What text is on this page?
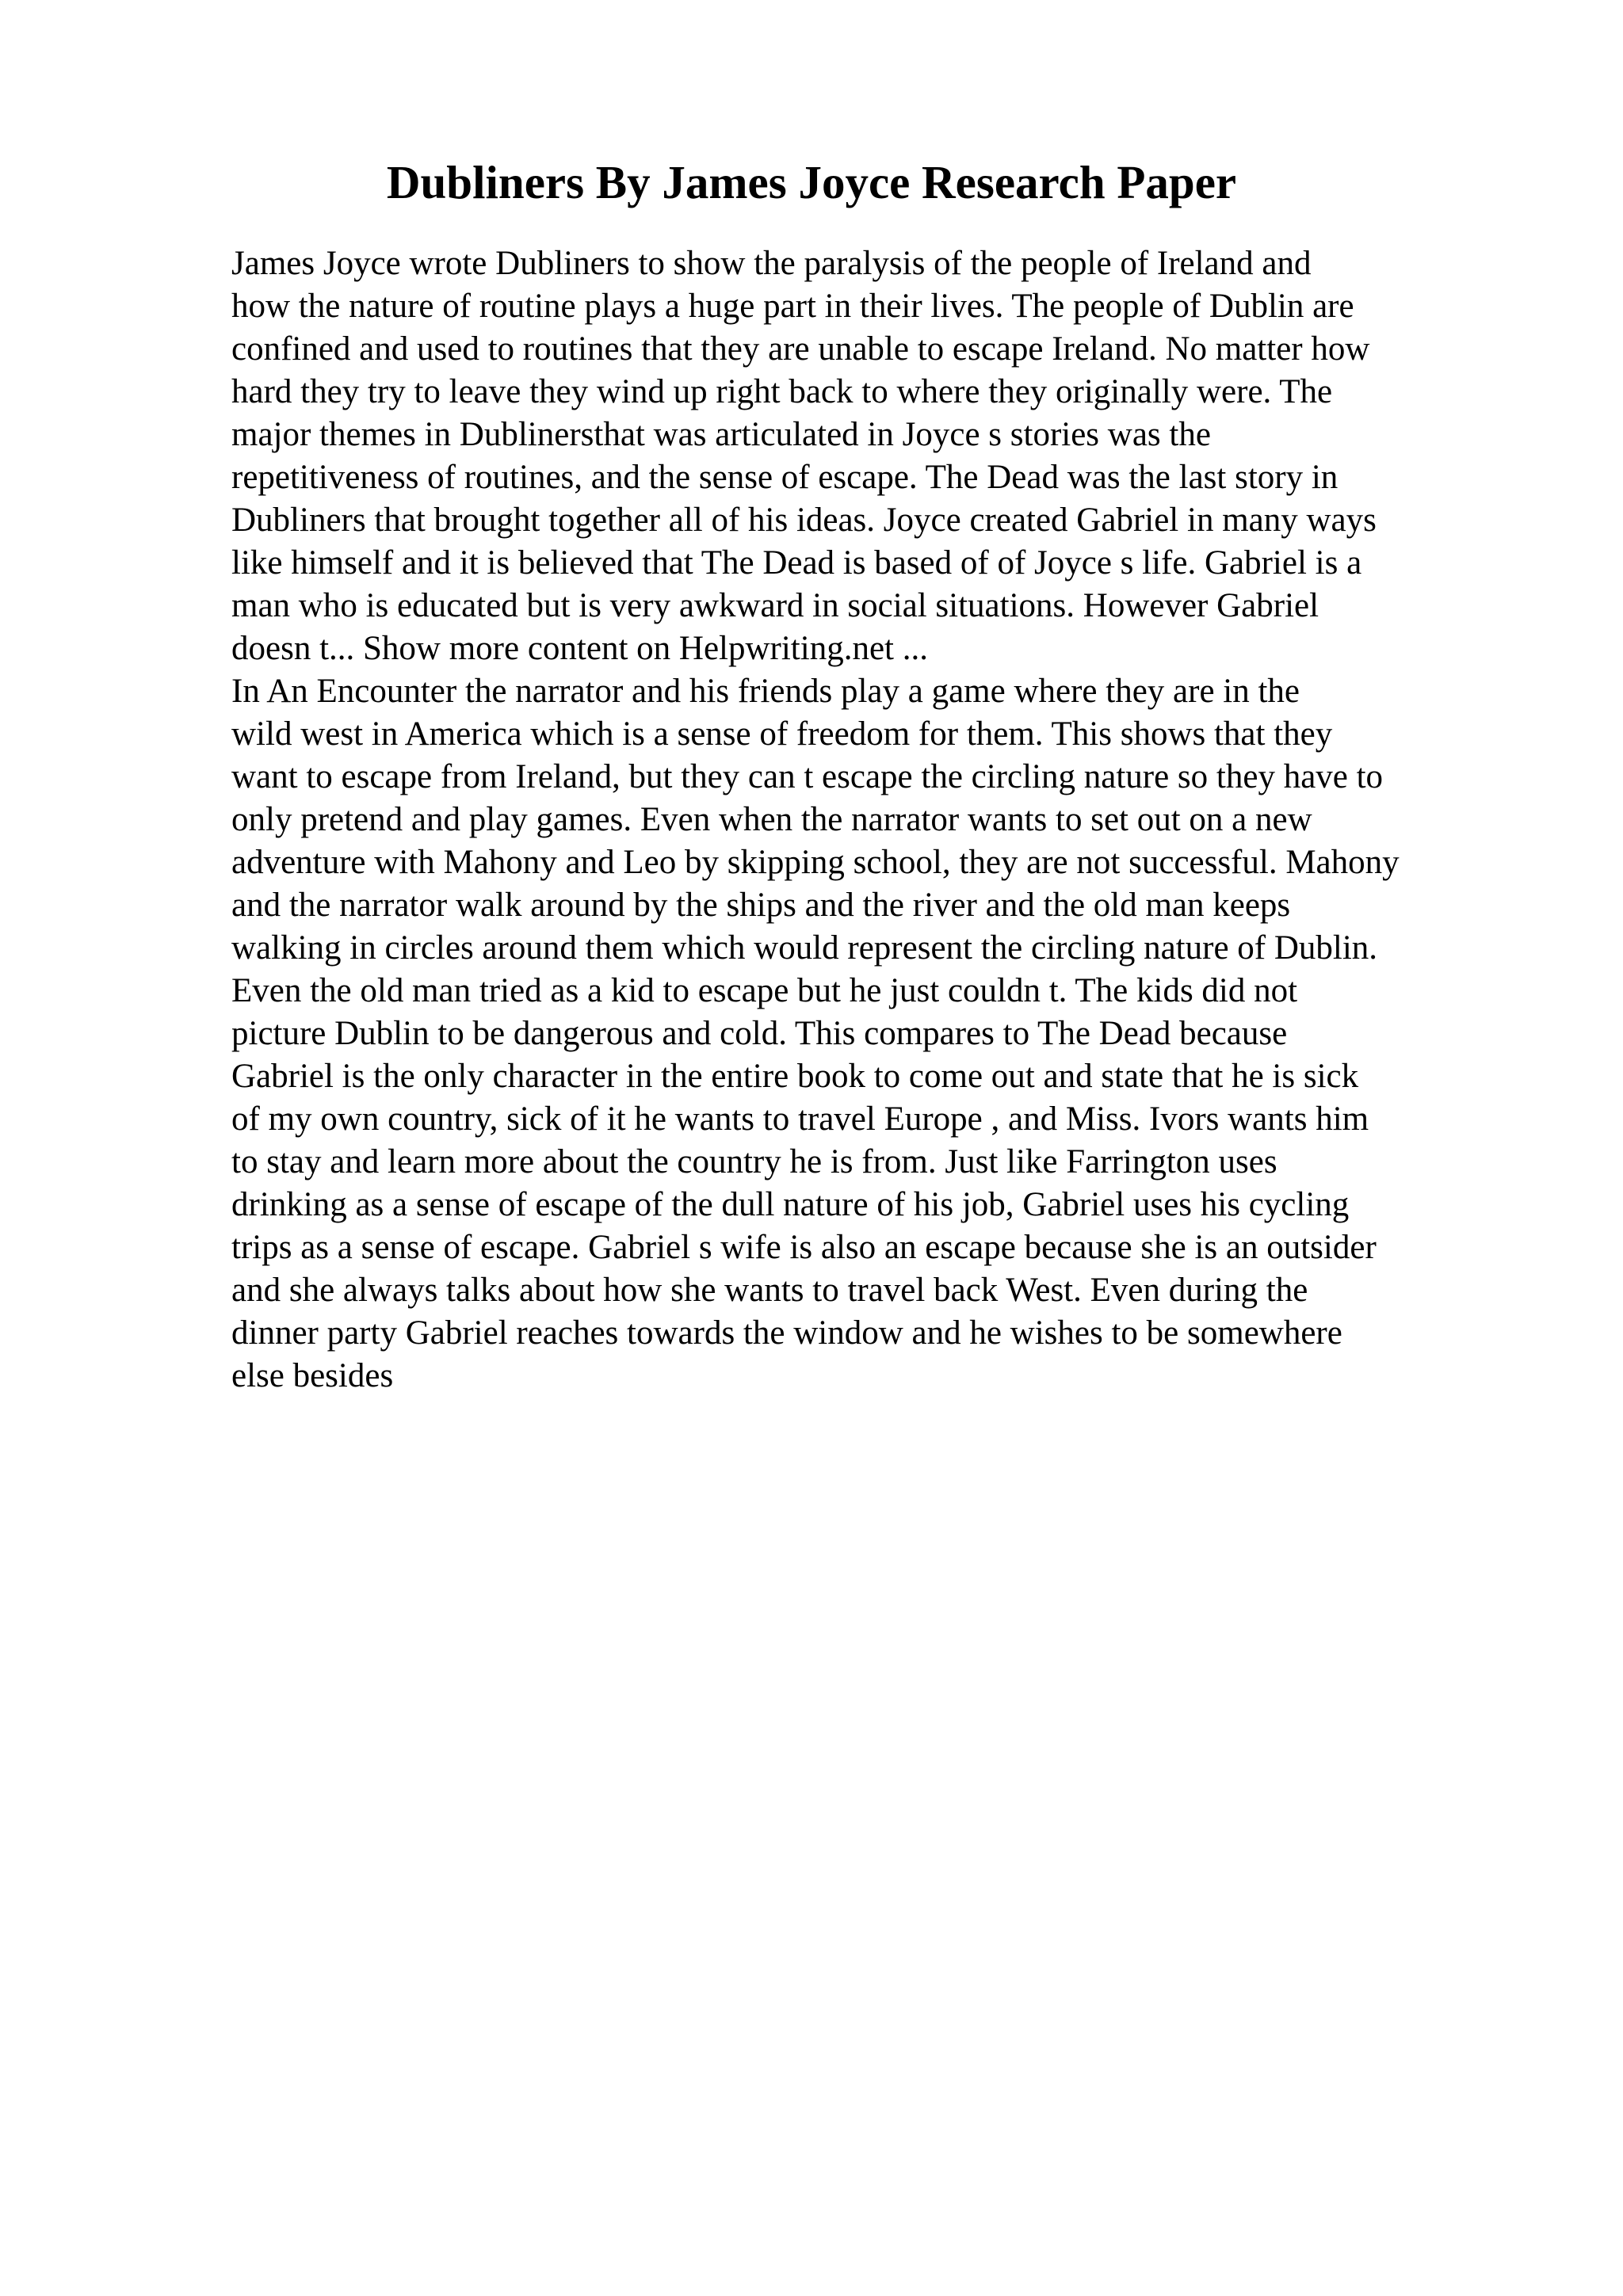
Dubliners By James Joyce Research Paper
James Joyce wrote Dubliners to show the paralysis of the people of Ireland and
how the nature of routine plays a huge part in their lives. The people of Dublin are
confined and used to routines that they are unable to escape Ireland. No matter how
hard they try to leave they wind up right back to where they originally were. The
major themes in Dublinersthat was articulated in Joyce s stories was the
repetitiveness of routines, and the sense of escape. The Dead was the last story in
Dubliners that brought together all of his ideas. Joyce created Gabriel in many ways
like himself and it is believed that The Dead is based of of Joyce s life. Gabriel is a
man who is educated but is very awkward in social situations. However Gabriel
doesn t... Show more content on Helpwriting.net ...
In An Encounter the narrator and his friends play a game where they are in the
wild west in America which is a sense of freedom for them. This shows that they
want to escape from Ireland, but they can t escape the circling nature so they have to
only pretend and play games. Even when the narrator wants to set out on a new
adventure with Mahony and Leo by skipping school, they are not successful. Mahony
and the narrator walk around by the ships and the river and the old man keeps
walking in circles around them which would represent the circling nature of Dublin.
Even the old man tried as a kid to escape but he just couldn t. The kids did not
picture Dublin to be dangerous and cold. This compares to The Dead because
Gabriel is the only character in the entire book to come out and state that he is sick
of my own country, sick of it he wants to travel Europe , and Miss. Ivors wants him
to stay and learn more about the country he is from. Just like Farrington uses
drinking as a sense of escape of the dull nature of his job, Gabriel uses his cycling
trips as a sense of escape. Gabriel s wife is also an escape because she is an outsider
and she always talks about how she wants to travel back West. Even during the
dinner party Gabriel reaches towards the window and he wishes to be somewhere
else besides
